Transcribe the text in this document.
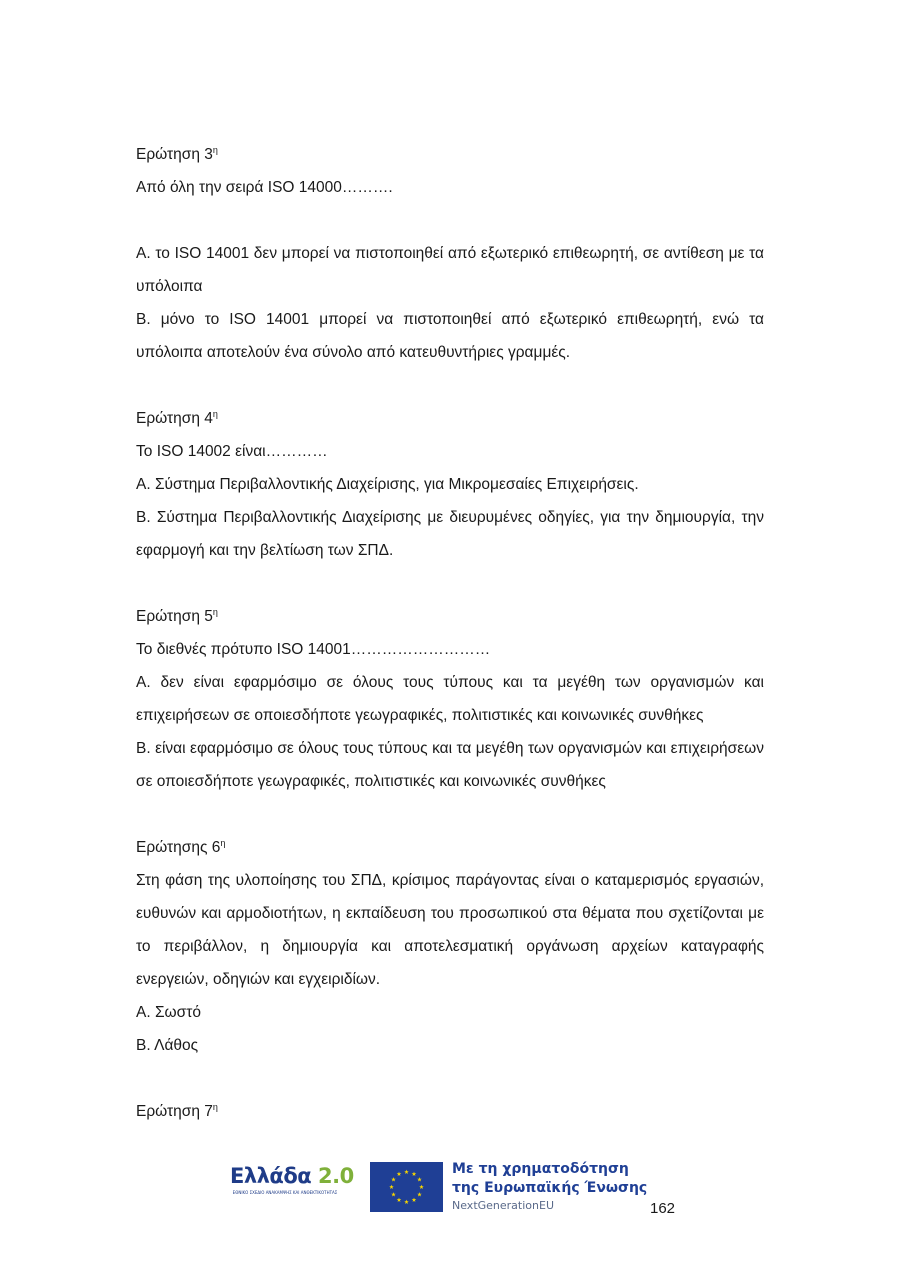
Ερώτηση $3^\eta$

Από όλη την σειρά ISO 14000……….

Α. το ISO 14001 δεν μπορεί να πιστοποιηθεί από εξωτερικό επιθεωρητή, σε αντίθεση με τα υπόλοιπα

Β. μόνο το ISO 14001 μπορεί να πιστοποιηθεί από εξωτερικό επιθεωρητή, ενώ τα υπόλοιπα αποτελούν ένα σύνολο από κατευθυντήριες γραμμές.

Ερώτηση $4^\eta$

Το ISO 14002 είναι…………

Α. Σύστημα Περιβαλλοντικής Διαχείρισης, για Μικρομεσαίες Επιχειρήσεις.

Β. Σύστημα Περιβαλλοντικής Διαχείρισης με διευρυμένες οδηγίες, για την δημιουργία, την εφαρμογή και την βελτίωση των ΣΠΔ.

Ερώτηση $5^\eta$

Το διεθνές πρότυπο ISO 14001………………………

Α. δεν είναι εφαρμόσιμο σε όλους τους τύπους και τα μεγέθη των οργανισμών και επιχειρήσεων σε οποιεσδήποτε γεωγραφικές, πολιτιστικές και κοινωνικές συνθήκες

Β. είναι εφαρμόσιμο σε όλους τους τύπους και τα μεγέθη των οργανισμών και επιχειρήσεων σε οποιεσδήποτε γεωγραφικές, πολιτιστικές και κοινωνικές συνθήκες

Ερώτησης $6^\eta$

Στη φάση της υλοποίησης του ΣΠΔ, κρίσιμος παράγοντας είναι ο καταμερισμός εργασιών, ευθυνών και αρμοδιοτήτων, η εκπαίδευση του προσωπικού στα θέματα που σχετίζονται με το περιβάλλον, η δημιουργία και αποτελεσματική οργάνωση αρχείων καταγραφής ενεργειών, οδηγιών και εγχειριδίων.

Α. Σωστό

Β. Λάθος

Ερώτηση $7^\eta$

Ελλάδα 2.0
ΕΘΝΙΚΟ ΣΧΕΔΙΟ ΑΝΑΚΑΜΨΗΣ ΚΑΙ ΑΝΘΕΚΤΙΚΟΤΗΤΑΣ
Με τη χρηματοδότηση
της Ευρωπαϊκής Ένωσης
NextGenerationEU	162
